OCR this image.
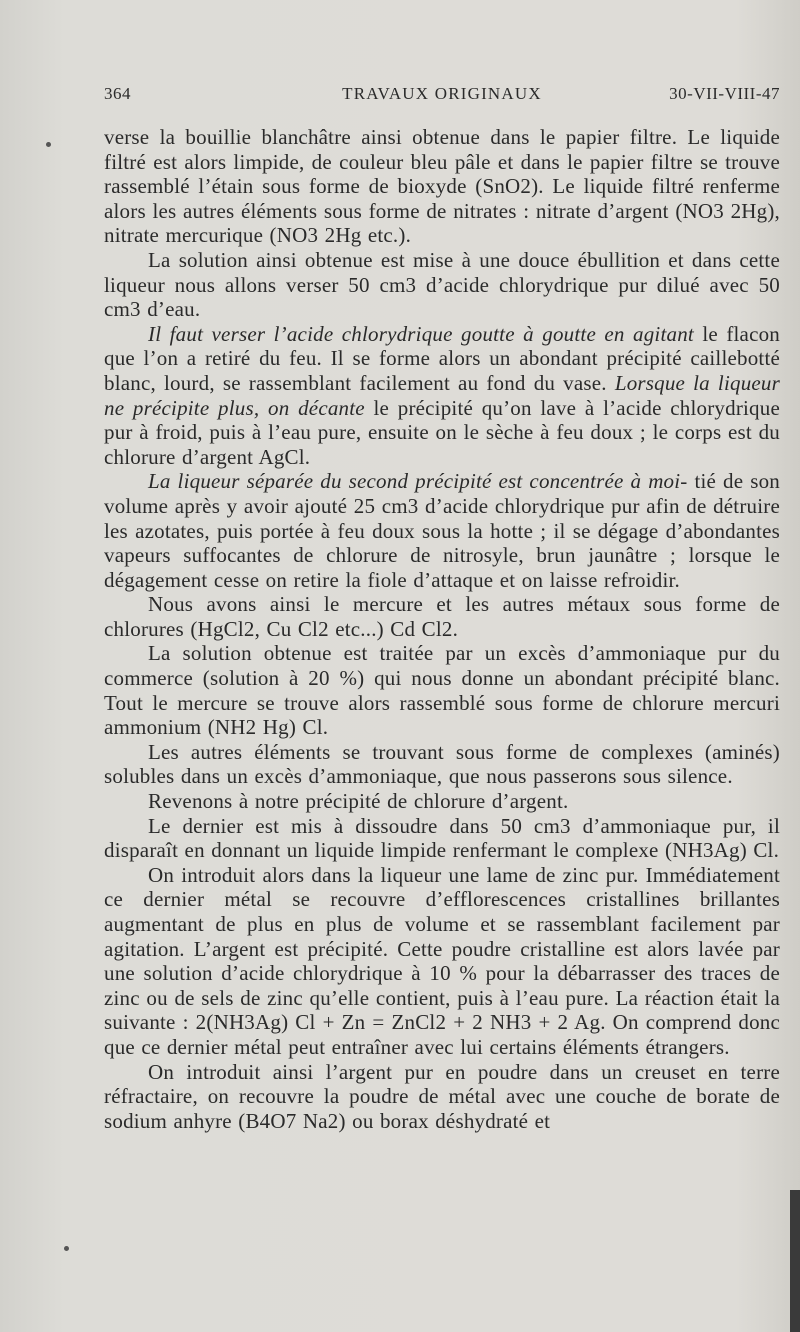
364	TRAVAUX ORIGINAUX	30-VII-VIII-47

verse la bouillie blanchâtre ainsi obtenue dans le papier filtre. Le liquide filtré est alors limpide, de couleur bleu pâle et dans le papier filtre se trouve rassemblé l’étain sous forme de bioxyde (SnO2). Le liquide filtré renferme alors les autres éléments sous forme de nitrates : nitrate d’argent (NO3 2Hg), nitrate mercurique (NO3 2Hg etc.).

La solution ainsi obtenue est mise à une douce ébullition et dans cette liqueur nous allons verser 50 cm3 d’acide chlorydrique pur dilué avec 50 cm3 d’eau.

Il faut verser l’acide chlorydrique goutte à goutte en agitant le flacon que l’on a retiré du feu. Il se forme alors un abondant précipité caillebotté blanc, lourd, se rassemblant facilement au fond du vase. Lorsque la liqueur ne précipite plus, on décante le précipité qu’on lave à l’acide chlorydrique pur à froid, puis à l’eau pure, ensuite on le sèche à feu doux ; le corps est du chlorure d’argent AgCl.

La liqueur séparée du second précipité est concentrée à moi- tié de son volume après y avoir ajouté 25 cm3 d’acide chlorydrique pur afin de détruire les azotates, puis portée à feu doux sous la hotte ; il se dégage d’abondantes vapeurs suffocantes de chlorure de nitrosyle, brun jaunâtre ; lorsque le dégagement cesse on retire la fiole d’attaque et on laisse refroidir.

Nous avons ainsi le mercure et les autres métaux sous forme de chlorures (HgCl2, Cu Cl2 etc...) Cd Cl2.

La solution obtenue est traitée par un excès d’ammoniaque pur du commerce (solution à 20 %) qui nous donne un abondant précipité blanc. Tout le mercure se trouve alors rassemblé sous forme de chlorure mercuri ammonium (NH2 Hg) Cl.

Les autres éléments se trouvant sous forme de complexes (aminés) solubles dans un excès d’ammoniaque, que nous passerons sous silence.

Revenons à notre précipité de chlorure d’argent.

Le dernier est mis à dissoudre dans 50 cm3 d’ammoniaque pur, il disparaît en donnant un liquide limpide renfermant le complexe (NH3Ag) Cl.

On introduit alors dans la liqueur une lame de zinc pur. Immédiatement ce dernier métal se recouvre d’efflorescences cristallines brillantes augmentant de plus en plus de volume et se rassemblant facilement par agitation. L’argent est précipité. Cette poudre cristalline est alors lavée par une solution d’acide chlorydrique à 10 % pour la débarrasser des traces de zinc ou de sels de zinc qu’elle contient, puis à l’eau pure. La réaction était la suivante : 2(NH3Ag) Cl + Zn = ZnCl2 + 2 NH3 + 2 Ag. On comprend donc que ce dernier métal peut entraîner avec lui certains éléments étrangers.

On introduit ainsi l’argent pur en poudre dans un creuset en terre réfractaire, on recouvre la poudre de métal avec une couche de borate de sodium anhyre (B4O7 Na2) ou borax déshydraté et
